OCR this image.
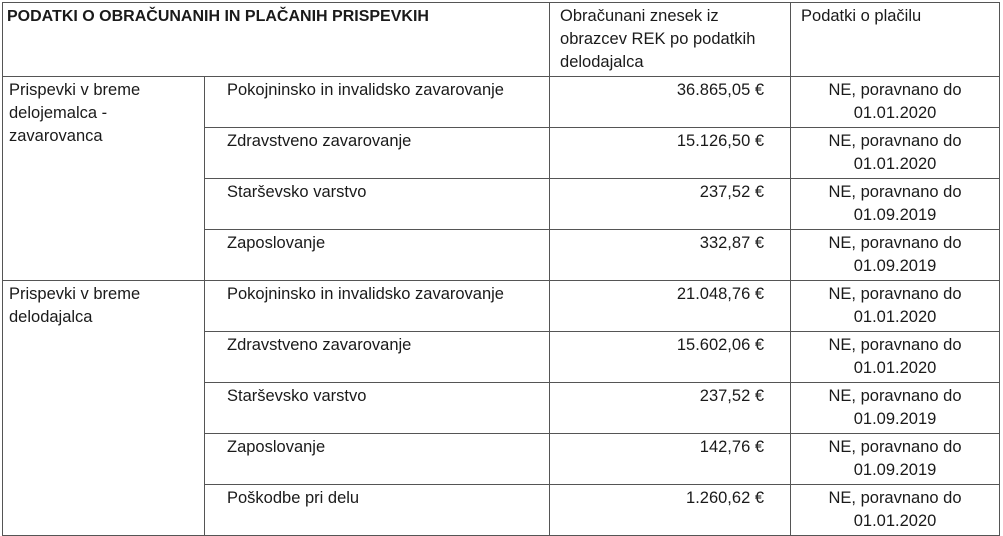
PODATKI O OBRAČUNANIH IN PLAČANIH PRISPEVKIH		Obračunani znesek iz obrazcev REK po podatkih delodajalca	Podatki o plačilu
Prispevki v breme delojemalca - zavarovanca	Pokojninsko in invalidsko zavarovanje	36.865,05 €	NE, poravnano do 01.01.2020
	Zdravstveno zavarovanje	15.126,50 €	NE, poravnano do 01.01.2020
	Starševsko varstvo	237,52 €	NE, poravnano do 01.09.2019
	Zaposlovanje	332,87 €	NE, poravnano do 01.09.2019
Prispevki v breme delodajalca	Pokojninsko in invalidsko zavarovanje	21.048,76 €	NE, poravnano do 01.01.2020
	Zdravstveno zavarovanje	15.602,06 €	NE, poravnano do 01.01.2020
	Starševsko varstvo	237,52 €	NE, poravnano do 01.09.2019
	Zaposlovanje	142,76 €	NE, poravnano do 01.09.2019
	Poškodbe pri delu	1.260,62 €	NE, poravnano do 01.01.2020
